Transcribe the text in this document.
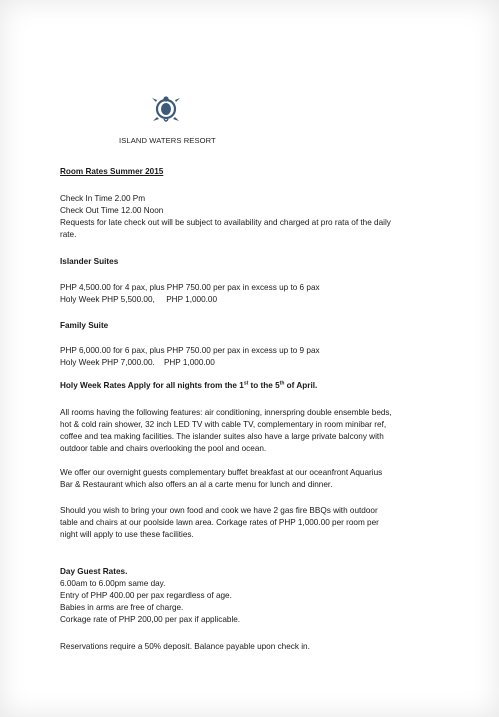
ISLAND WATERS RESORT
Room Rates Summer 2015

Check In Time 2.00 Pm

Check Out Time 12.00 Noon

Requests for late check out will be subject to availability and charged at pro rata of the daily

rate.

Islander Suites

PHP 4,500.00 for 4 pax, plus PHP 750.00 per pax in excess up to 6 pax

Holy Week PHP 5,500.00, PHP 1,000.00

Family Suite

PHP 6,000.00 for 6 pax, plus PHP 750.00 per pax in excess up to 9 pax

Holy Week PHP 7,000.00. PHP 1,000.00

Holy Week Rates Apply for all nights from the 1st to the 5th of April.

All rooms having the following features: air conditioning, innerspring double ensemble beds,

hot & cold rain shower, 32 inch LED TV with cable TV, complementary in room minibar ref,

coffee and tea making facilities. The islander suites also have a large private balcony with

outdoor table and chairs overlooking the pool and ocean.

We offer our overnight guests complementary buffet breakfast at our oceanfront Aquarius

Bar & Restaurant which also offers an al a carte menu for lunch and dinner.

Should you wish to bring your own food and cook we have 2 gas fire BBQs with outdoor

table and chairs at our poolside lawn area. Corkage rates of PHP 1,000.00 per room per

night will apply to use these facilities.

Day Guest Rates.

6.00am to 6.00pm same day.

Entry of PHP 400.00 per pax regardless of age.

Babies in arms are free of charge.

Corkage rate of PHP 200,00 per pax if applicable.

Reservations require a 50% deposit. Balance payable upon check in.
